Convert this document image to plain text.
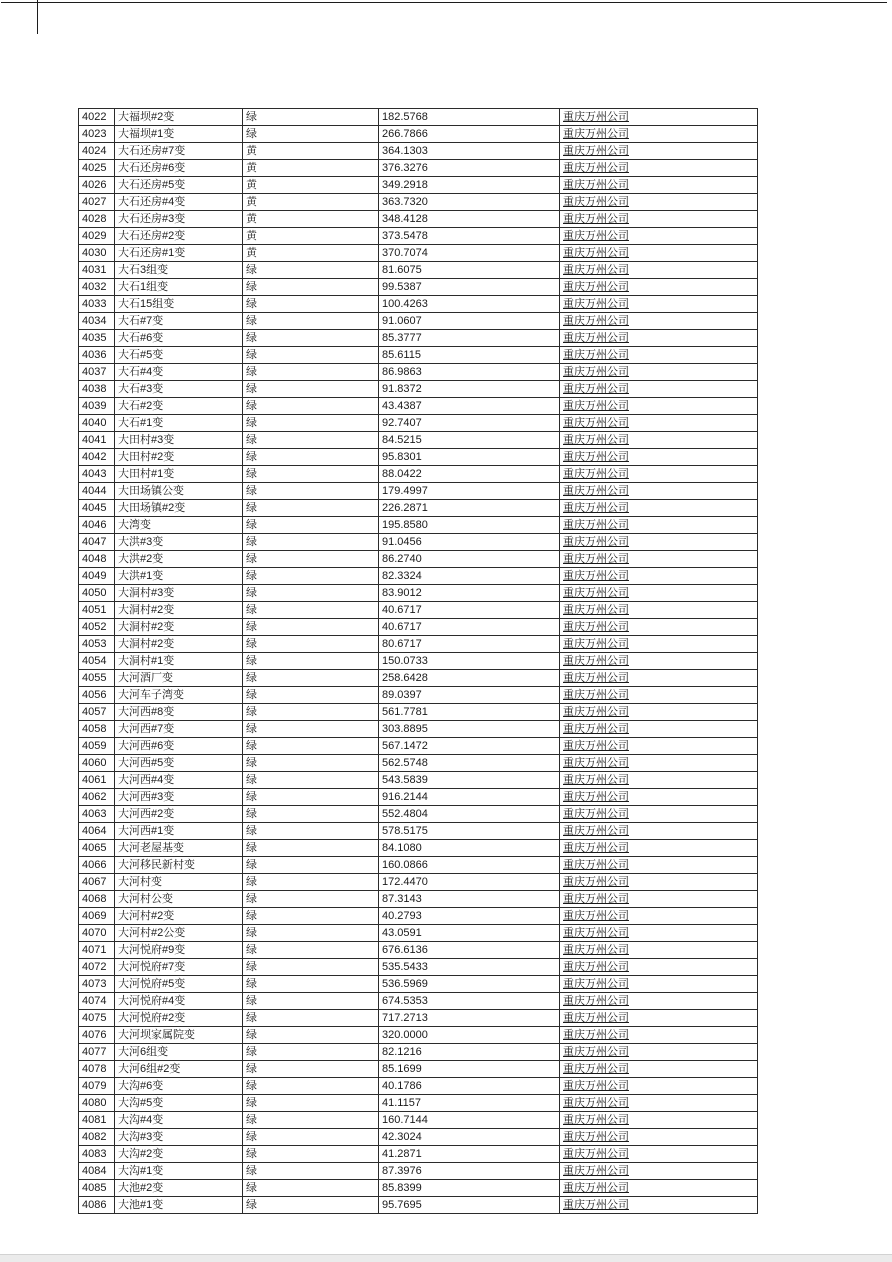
4022	大福坝#2变	绿	182.5768	重庆万州公司
4023	大福坝#1变	绿	266.7866	重庆万州公司
4024	大石还房#7变	黄	364.1303	重庆万州公司
4025	大石还房#6变	黄	376.3276	重庆万州公司
4026	大石还房#5变	黄	349.2918	重庆万州公司
4027	大石还房#4变	黄	363.7320	重庆万州公司
4028	大石还房#3变	黄	348.4128	重庆万州公司
4029	大石还房#2变	黄	373.5478	重庆万州公司
4030	大石还房#1变	黄	370.7074	重庆万州公司
4031	大石3组变	绿	81.6075	重庆万州公司
4032	大石1组变	绿	99.5387	重庆万州公司
4033	大石15组变	绿	100.4263	重庆万州公司
4034	大石#7变	绿	91.0607	重庆万州公司
4035	大石#6变	绿	85.3777	重庆万州公司
4036	大石#5变	绿	85.6115	重庆万州公司
4037	大石#4变	绿	86.9863	重庆万州公司
4038	大石#3变	绿	91.8372	重庆万州公司
4039	大石#2变	绿	43.4387	重庆万州公司
4040	大石#1变	绿	92.7407	重庆万州公司
4041	大田村#3变	绿	84.5215	重庆万州公司
4042	大田村#2变	绿	95.8301	重庆万州公司
4043	大田村#1变	绿	88.0422	重庆万州公司
4044	大田场镇公变	绿	179.4997	重庆万州公司
4045	大田场镇#2变	绿	226.2871	重庆万州公司
4046	大湾变	绿	195.8580	重庆万州公司
4047	大洪#3变	绿	91.0456	重庆万州公司
4048	大洪#2变	绿	86.2740	重庆万州公司
4049	大洪#1变	绿	82.3324	重庆万州公司
4050	大洞村#3变	绿	83.9012	重庆万州公司
4051	大洞村#2变	绿	40.6717	重庆万州公司
4052	大洞村#2变	绿	40.6717	重庆万州公司
4053	大洞村#2变	绿	80.6717	重庆万州公司
4054	大洞村#1变	绿	150.0733	重庆万州公司
4055	大河酒厂变	绿	258.6428	重庆万州公司
4056	大河车子湾变	绿	89.0397	重庆万州公司
4057	大河西#8变	绿	561.7781	重庆万州公司
4058	大河西#7变	绿	303.8895	重庆万州公司
4059	大河西#6变	绿	567.1472	重庆万州公司
4060	大河西#5变	绿	562.5748	重庆万州公司
4061	大河西#4变	绿	543.5839	重庆万州公司
4062	大河西#3变	绿	916.2144	重庆万州公司
4063	大河西#2变	绿	552.4804	重庆万州公司
4064	大河西#1变	绿	578.5175	重庆万州公司
4065	大河老屋基变	绿	84.1080	重庆万州公司
4066	大河移民新村变	绿	160.0866	重庆万州公司
4067	大河村变	绿	172.4470	重庆万州公司
4068	大河村公变	绿	87.3143	重庆万州公司
4069	大河村#2变	绿	40.2793	重庆万州公司
4070	大河村#2公变	绿	43.0591	重庆万州公司
4071	大河悦府#9变	绿	676.6136	重庆万州公司
4072	大河悦府#7变	绿	535.5433	重庆万州公司
4073	大河悦府#5变	绿	536.5969	重庆万州公司
4074	大河悦府#4变	绿	674.5353	重庆万州公司
4075	大河悦府#2变	绿	717.2713	重庆万州公司
4076	大河坝家属院变	绿	320.0000	重庆万州公司
4077	大河6组变	绿	82.1216	重庆万州公司
4078	大河6组#2变	绿	85.1699	重庆万州公司
4079	大沟#6变	绿	40.1786	重庆万州公司
4080	大沟#5变	绿	41.1157	重庆万州公司
4081	大沟#4变	绿	160.7144	重庆万州公司
4082	大沟#3变	绿	42.3024	重庆万州公司
4083	大沟#2变	绿	41.2871	重庆万州公司
4084	大沟#1变	绿	87.3976	重庆万州公司
4085	大池#2变	绿	85.8399	重庆万州公司
4086	大池#1变	绿	95.7695	重庆万州公司
